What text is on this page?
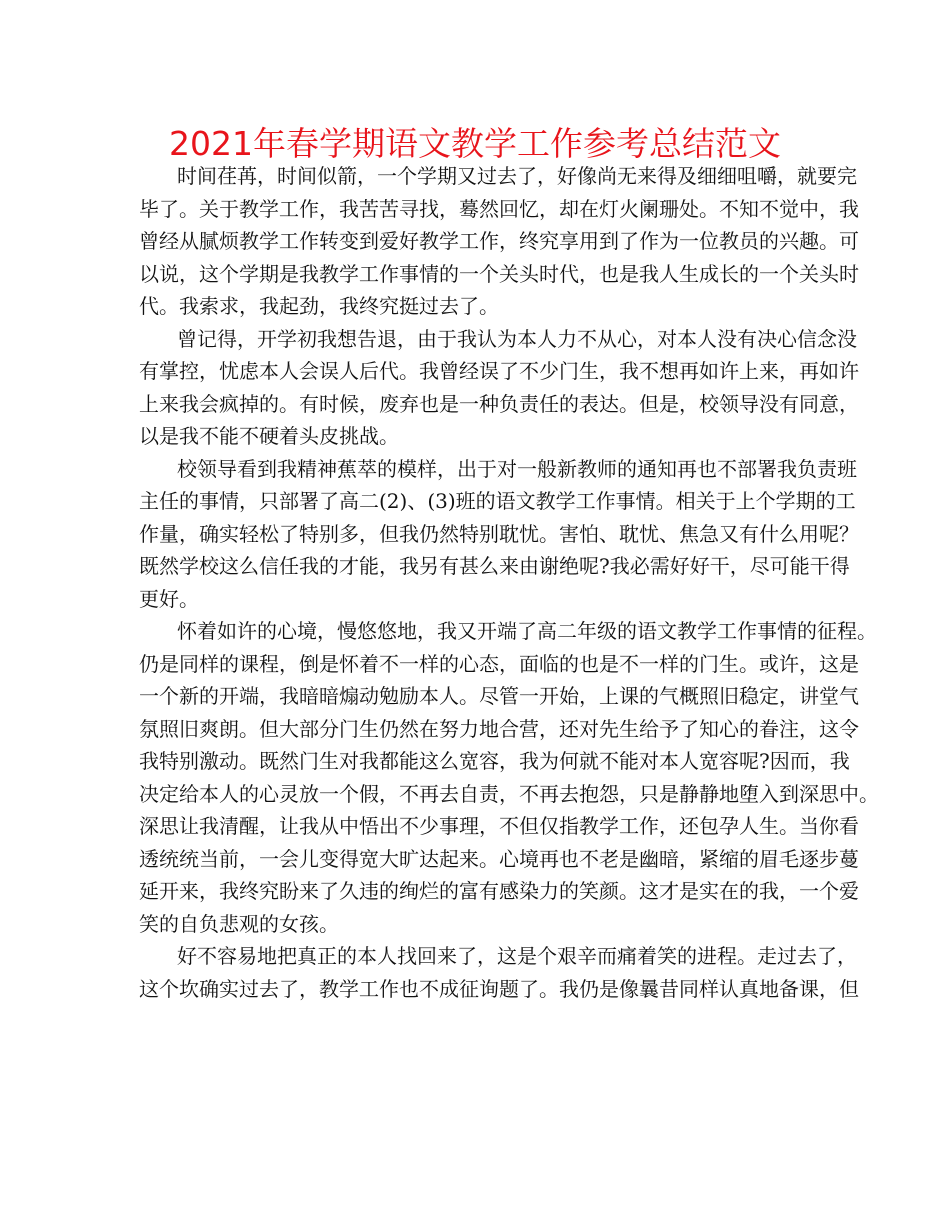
2021年春学期语文教学工作参考总结范文

时间荏苒，时间似箭，一个学期又过去了，好像尚无来得及细细咀嚼，就要完
毕了。关于教学工作，我苦苦寻找，蓦然回忆，却在灯火阑珊处。不知不觉中，我
曾经从腻烦教学工作转变到爱好教学工作，终究享用到了作为一位教员的兴趣。可
以说，这个学期是我教学工作事情的一个关头时代，也是我人生成长的一个关头时
代。我索求，我起劲，我终究挺过去了。

曾记得，开学初我想告退，由于我认为本人力不从心，对本人没有决心信念没
有掌控，忧虑本人会误人后代。我曾经误了不少门生，我不想再如许上来，再如许
上来我会疯掉的。有时候，废弃也是一种负责任的表达。但是，校领导没有同意，
以是我不能不硬着头皮挑战。

校领导看到我精神蕉萃的模样，出于对一般新教师的通知再也不部署我负责班
主任的事情，只部署了高二(2)、(3)班的语文教学工作事情。相关于上个学期的工
作量，确实轻松了特别多，但我仍然特别耽忧。害怕、耽忧、焦急又有什么用呢？
既然学校这么信任我的才能，我另有甚么来由谢绝呢?我必需好好干，尽可能干得
更好。

怀着如许的心境，慢悠悠地，我又开端了高二年级的语文教学工作事情的征程。
仍是同样的课程，倒是怀着不一样的心态，面临的也是不一样的门生。或许，这是
一个新的开端，我暗暗煽动勉励本人。尽管一开始，上课的气概照旧稳定，讲堂气
氛照旧爽朗。但大部分门生仍然在努力地合营，还对先生给予了知心的眷注，这令
我特别激动。既然门生对我都能这么宽容，我为何就不能对本人宽容呢?因而，我
决定给本人的心灵放一个假，不再去自责，不再去抱怨，只是静静地堕入到深思中。
深思让我清醒，让我从中悟出不少事理，不但仅指教学工作，还包孕人生。当你看
透统统当前，一会儿变得宽大旷达起来。心境再也不老是幽暗，紧缩的眉毛逐步蔓
延开来，我终究盼来了久违的绚烂的富有感染力的笑颜。这才是实在的我，一个爱
笑的自负悲观的女孩。

好不容易地把真正的本人找回来了，这是个艰辛而痛着笑的进程。走过去了，
这个坎确实过去了，教学工作也不成征询题了。我仍是像曩昔同样认真地备课，但
